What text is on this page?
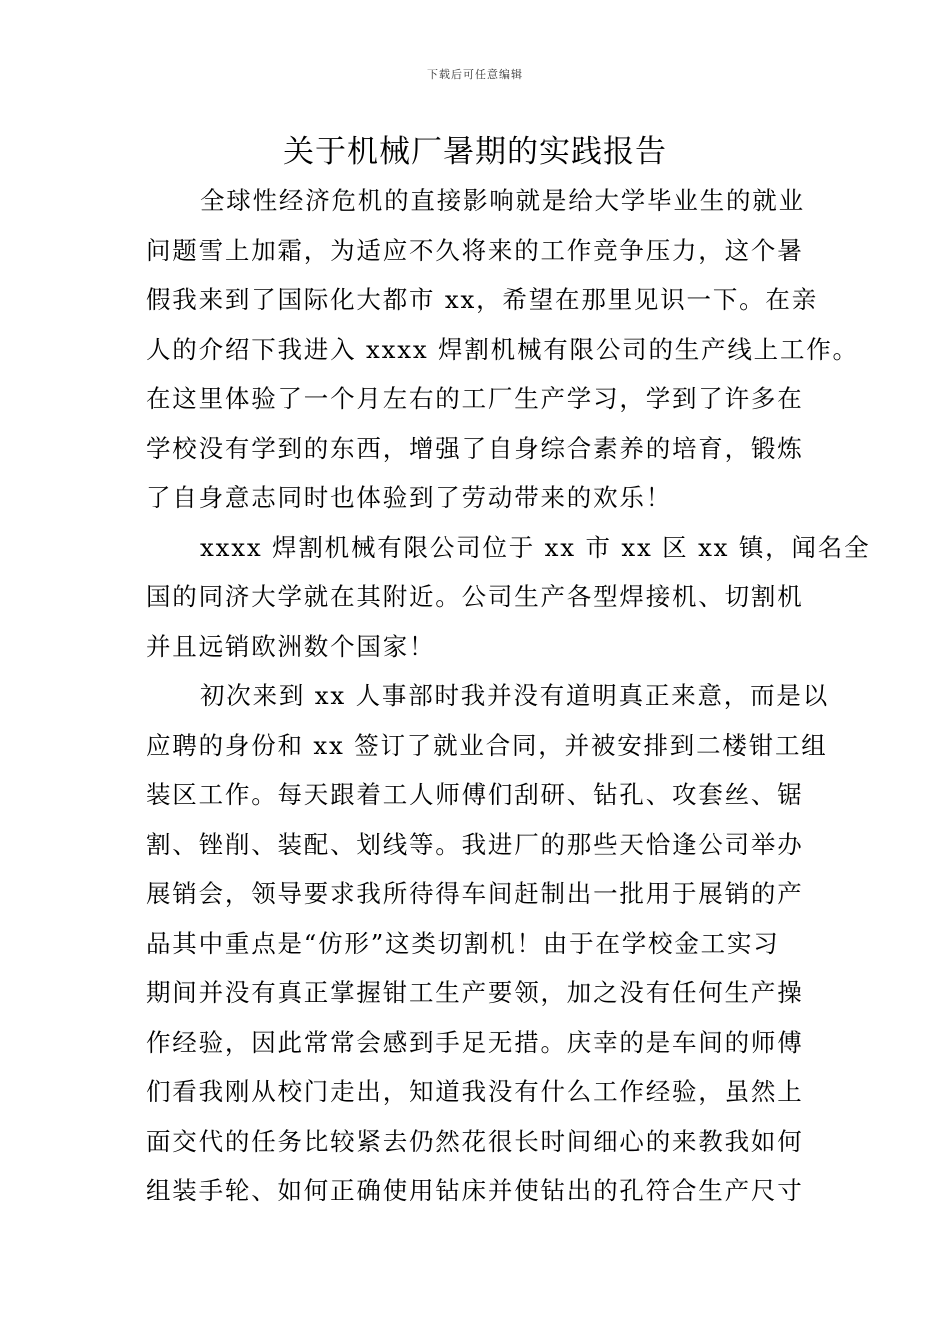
下载后可任意编辑
关于机械厂暑期的实践报告
全球性经济危机的直接影响就是给大学毕业生的就业
问题雪上加霜，为适应不久将来的工作竞争压力，这个暑
假我来到了国际化大都市 xx，希望在那里见识一下。在亲
人的介绍下我进入 xxxx 焊割机械有限公司的生产线上工作。
在这里体验了一个月左右的工厂生产学习，学到了许多在
学校没有学到的东西，增强了自身综合素养的培育，锻炼
了自身意志同时也体验到了劳动带来的欢乐！
xxxx 焊割机械有限公司位于 xx 市 xx 区 xx 镇，闻名全
国的同济大学就在其附近。公司生产各型焊接机、切割机
并且远销欧洲数个国家！
初次来到 xx 人事部时我并没有道明真正来意，而是以
应聘的身份和 xx 签订了就业合同，并被安排到二楼钳工组
装区工作。每天跟着工人师傅们刮研、钻孔、攻套丝、锯
割、锉削、装配、划线等。我进厂的那些天恰逢公司举办
展销会，领导要求我所待得车间赶制出一批用于展销的产
品其中重点是“仿形”这类切割机！由于在学校金工实习
期间并没有真正掌握钳工生产要领，加之没有任何生产操
作经验，因此常常会感到手足无措。庆幸的是车间的师傅
们看我刚从校门走出，知道我没有什么工作经验，虽然上
面交代的任务比较紧去仍然花很长时间细心的来教我如何
组装手轮、如何正确使用钻床并使钻出的孔符合生产尺寸
